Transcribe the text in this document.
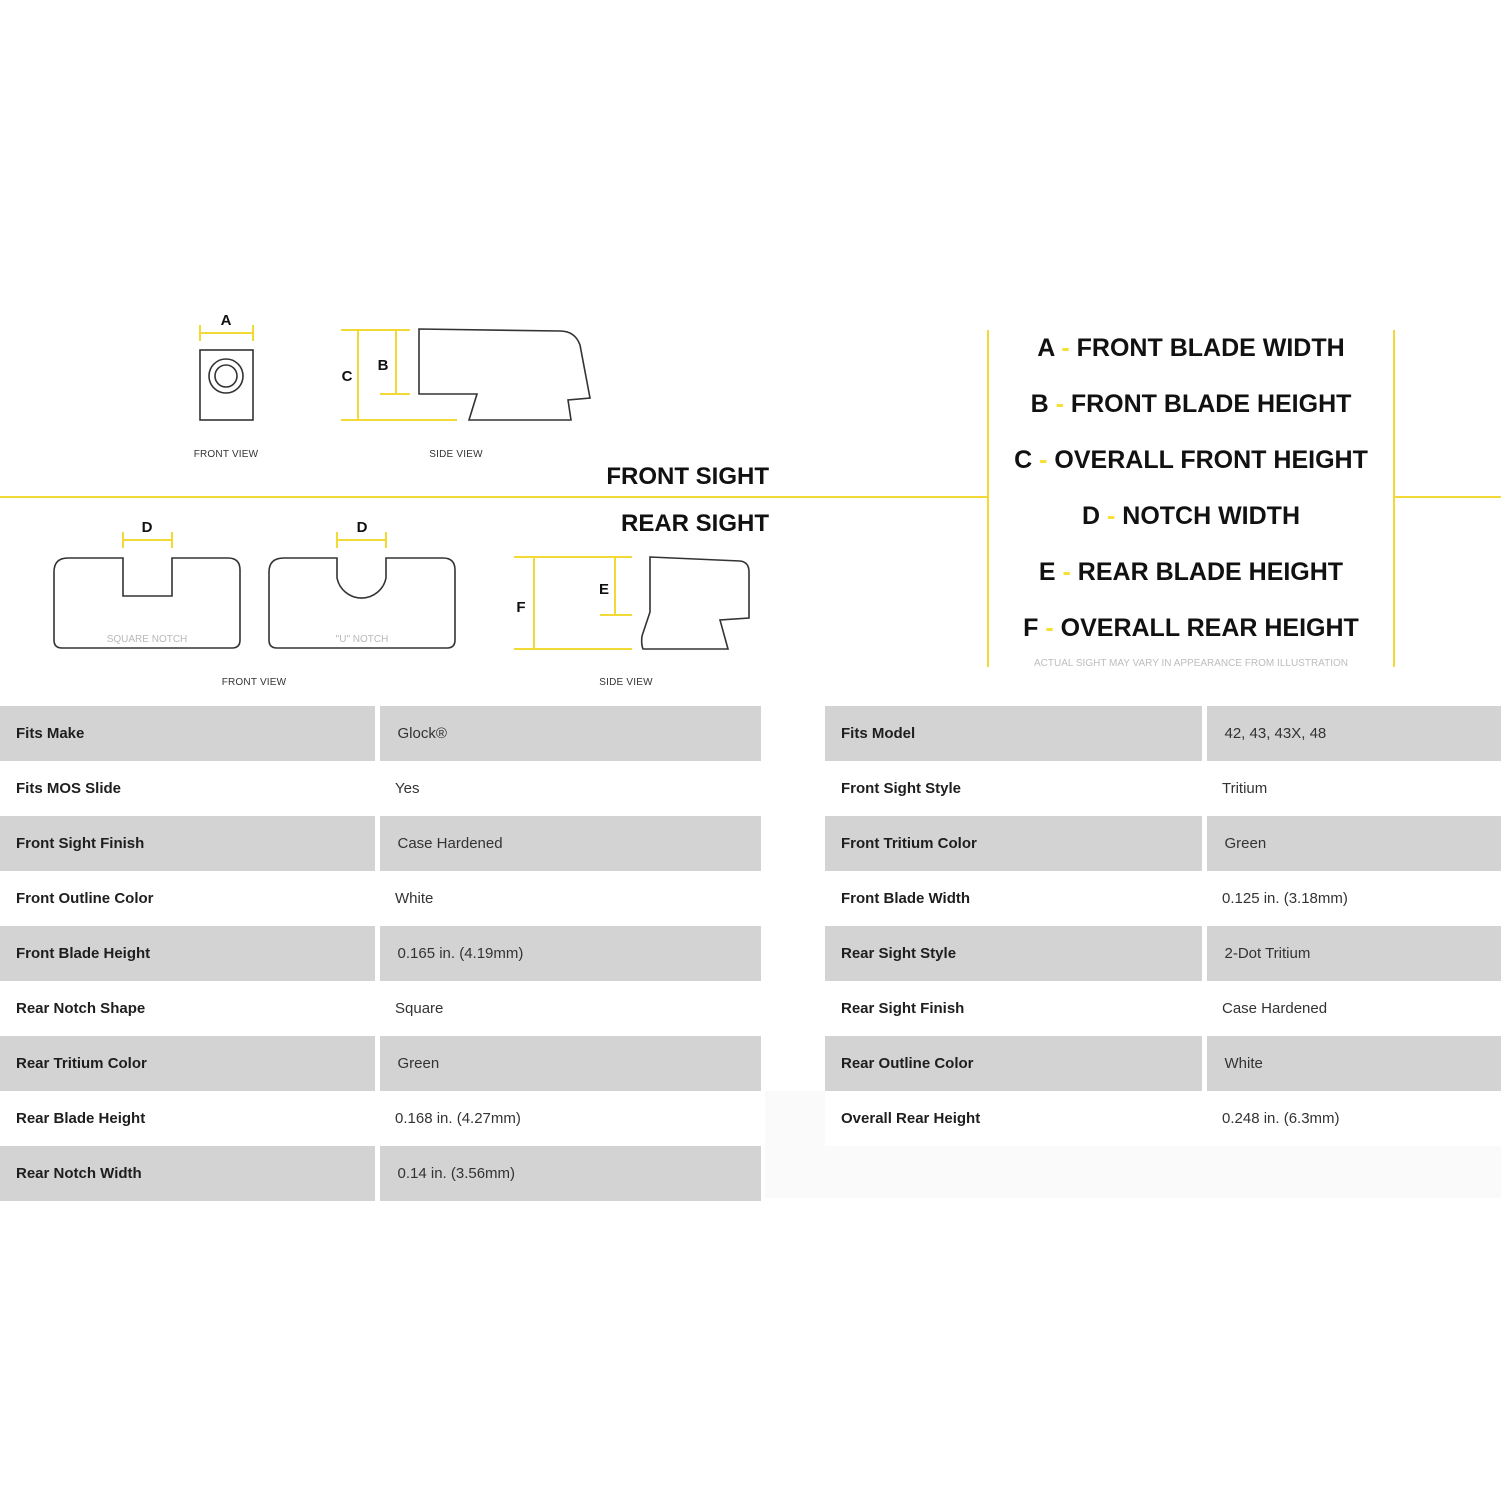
A
FRONT VIEW
C
B
SIDE VIEW
FRONT SIGHT
REAR SIGHT
D
SQUARE NOTCH
D
"U" NOTCH
FRONT VIEW
F
E
SIDE VIEW
A - FRONT BLADE WIDTH
B - FRONT BLADE HEIGHT
C - OVERALL FRONT HEIGHT
D - NOTCH WIDTH
E - REAR BLADE HEIGHT
F - OVERALL REAR HEIGHT
ACTUAL SIGHT MAY VARY IN APPEARANCE FROM ILLUSTRATION
Fits Make	Glock®
Fits MOS Slide	Yes
Front Sight Finish	Case Hardened
Front Outline Color	White
Front Blade Height	0.165 in. (4.19mm)
Rear Notch Shape	Square
Rear Tritium Color	Green
Rear Blade Height	0.168 in. (4.27mm)
Rear Notch Width	0.14 in. (3.56mm)
Fits Model	42, 43, 43X, 48
Front Sight Style	Tritium
Front Tritium Color	Green
Front Blade Width	0.125 in. (3.18mm)
Rear Sight Style	2-Dot Tritium
Rear Sight Finish	Case Hardened
Rear Outline Color	White
Overall Rear Height	0.248 in. (6.3mm)
